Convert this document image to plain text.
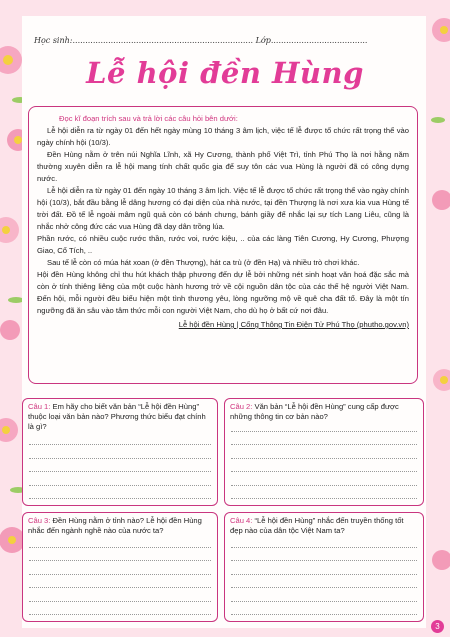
Học sinh:....................................................................... Lớp......................................
Lễ hội đền Hùng
Đọc kĩ đoạn trích sau và trả lời các câu hỏi bên dưới:

Lễ hội diễn ra từ ngày 01 đến hết ngày mùng 10 tháng 3 âm lịch, việc tế lễ được tổ chức rất trọng thể vào ngày chính hội (10/3).

Đền Hùng nằm ở trên núi Nghĩa Lĩnh, xã Hy Cương, thành phố Việt Trì, tỉnh Phú Thọ là nơi hằng năm thường xuyên diễn ra lễ hội mang tính chất quốc gia để suy tôn các vua Hùng là người đã có công dựng nước.

Lễ hội diễn ra từ ngày 01 đến ngày 10 tháng 3 âm lịch. Việc tế lễ được tổ chức rất trọng thể vào ngày chính hội (10/3), bắt đầu bằng lễ dâng hương có đại diện của nhà nước, tại đền Thượng là nơi xưa kia vua Hùng tế trời đất. Đồ tế lễ ngoài mâm ngũ quả còn có bánh chưng, bánh giầy để nhắc lại sự tích Lang Liêu, cũng là nhắc nhở công đức các vua Hùng đã dạy dân trồng lúa.

Phần rước, có nhiều cuộc rước thần, rước voi, rước kiệu, .. của các làng Tiên Cương, Hy Cương, Phượng Giao, Cổ Tích, ..

Sau tế lễ còn có múa hát xoan (ở đền Thượng), hát ca trù (ở đền Hạ) và nhiều trò chơi khác.

Hội đền Hùng không chỉ thu hút khách thập phương đến dự lễ bởi những nét sinh hoạt văn hoá đặc sắc mà còn ở tính thiêng liêng của một cuộc hành hương trở về cội nguồn dân tộc của các thế hệ người Việt Nam. Đến hội, mỗi người đều biểu hiện một tình thương yêu, lòng ngưỡng mộ về quê cha đất tổ. Đây là một tín ngưỡng đã ăn sâu vào tâm thức mỗi con người Việt Nam, cho dù họ ở bất cứ nơi đâu.

Lễ hội đền Hùng | Cổng Thông Tin Điện Tử Phú Thọ (phutho.gov.vn)
Câu 1: Em hãy cho biết văn bản “Lễ hội đền Hùng” thuộc loại văn bản nào? Phương thức biểu đạt chính là gì?
Câu 2: Văn bản “Lễ hội đền Hùng” cung cấp được những thông tin cơ bản nào?
Câu 3: Đền Hùng nằm ở tỉnh nào? Lễ hội đền Hùng nhắc đến ngành nghề nào của nước ta?
Câu 4: “Lễ hội đền Hùng” nhắc đến truyền thống tốt đẹp nào của dân tộc Việt Nam ta?
3
